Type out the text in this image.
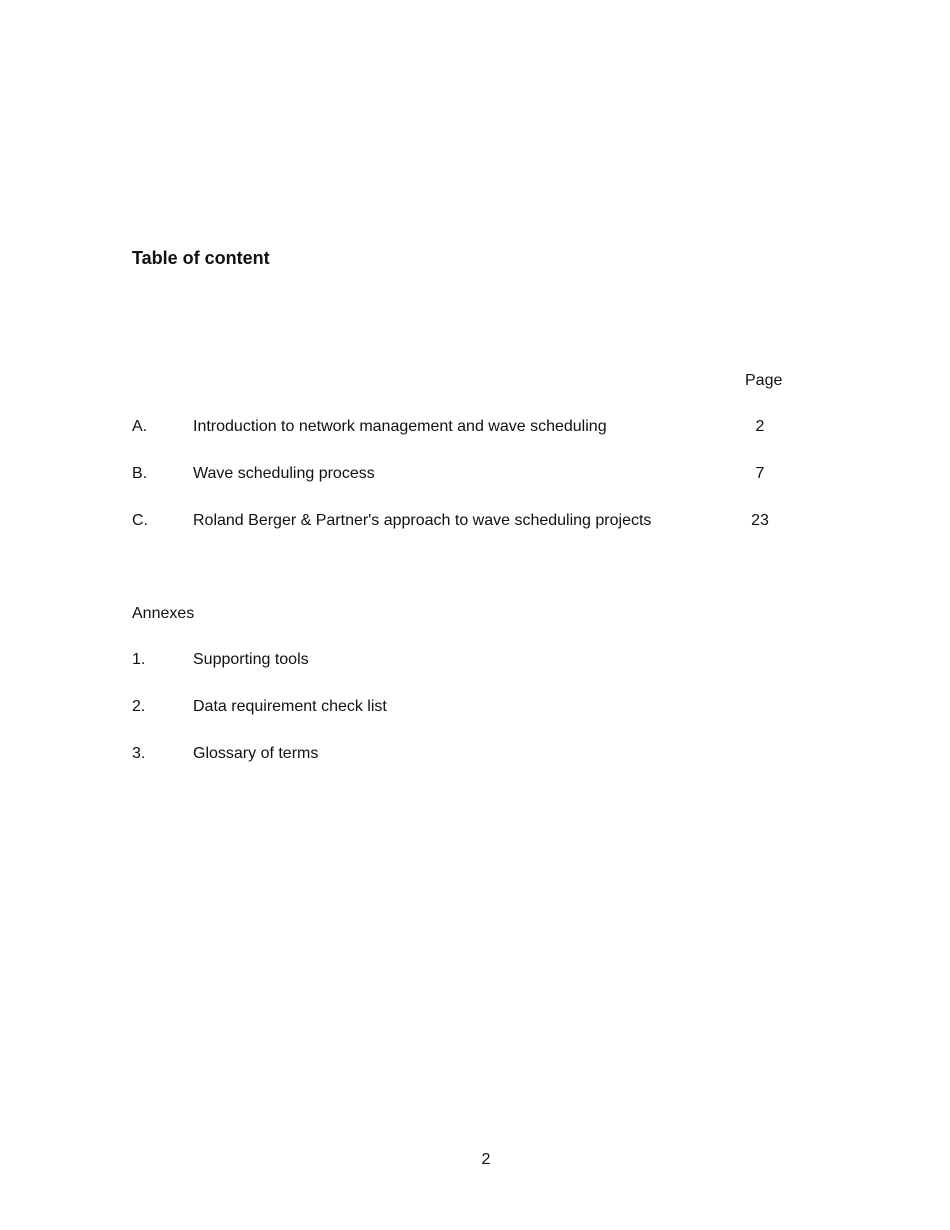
Table of content
Page
A.	Introduction to network management and wave scheduling	2
B.	Wave scheduling process	7
C.	Roland Berger & Partner's approach to wave scheduling projects	23
Annexes
1.	Supporting tools
2.	Data requirement check list
3.	Glossary of terms
2
